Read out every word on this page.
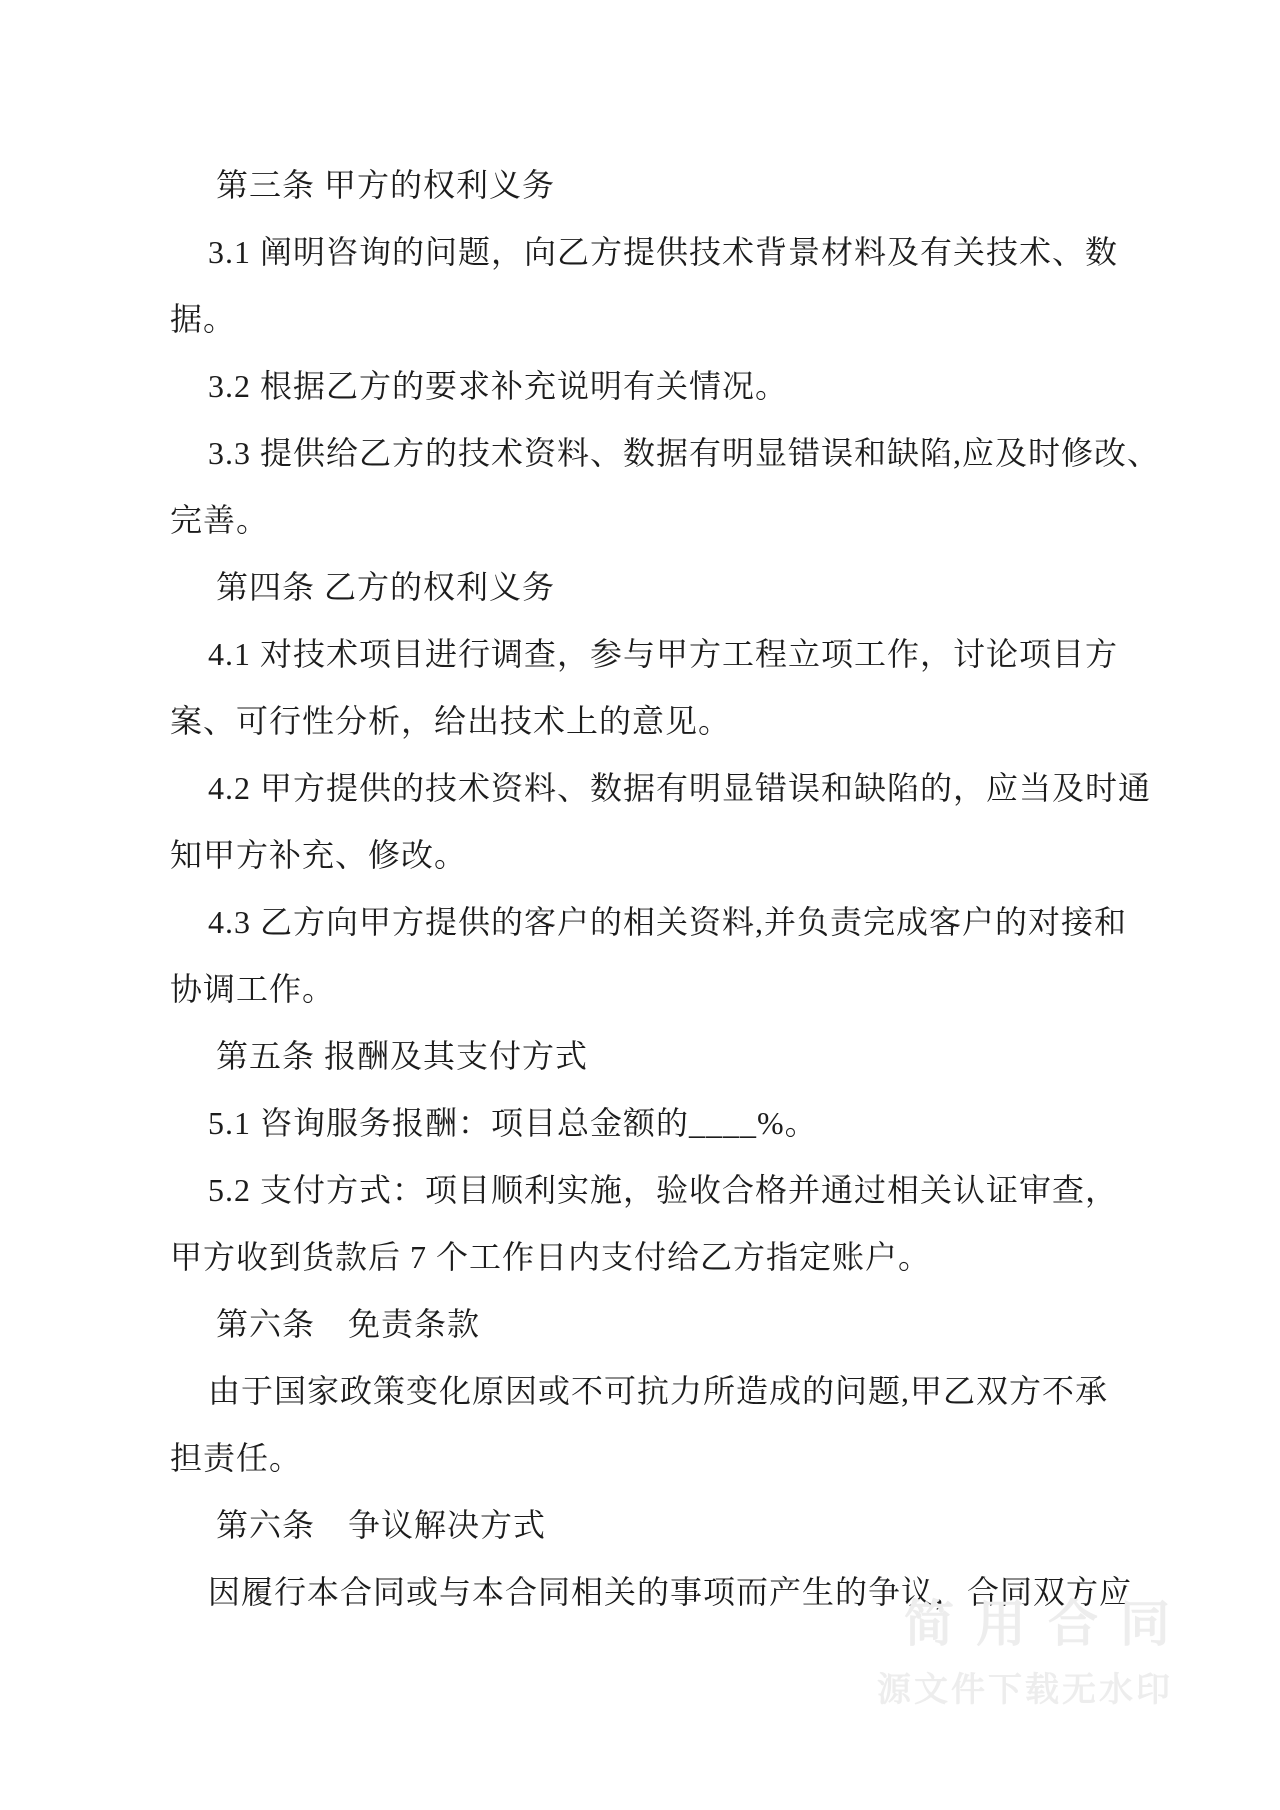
第三条 甲方的权利义务
3.1 阐明咨询的问题，向乙方提供技术背景材料及有关技术、数
据。
3.2 根据乙方的要求补充说明有关情况。
3.3 提供给乙方的技术资料、数据有明显错误和缺陷,应及时修改、
完善。
第四条 乙方的权利义务
4.1 对技术项目进行调查，参与甲方工程立项工作，讨论项目方
案、可行性分析，给出技术上的意见。
4.2 甲方提供的技术资料、数据有明显错误和缺陷的，应当及时通
知甲方补充、修改。
4.3 乙方向甲方提供的客户的相关资料,并负责完成客户的对接和
协调工作。
第五条 报酬及其支付方式
5.1 咨询服务报酬：项目总金额的____%。
5.2 支付方式：项目顺利实施，验收合格并通过相关认证审查，
甲方收到货款后 7 个工作日内支付给乙方指定账户。
第六条　免责条款
由于国家政策变化原因或不可抗力所造成的问题,甲乙双方不承
担责任。
第六条　争议解决方式
因履行本合同或与本合同相关的事项而产生的争议，合同双方应
简用合同
源文件下载无水印
